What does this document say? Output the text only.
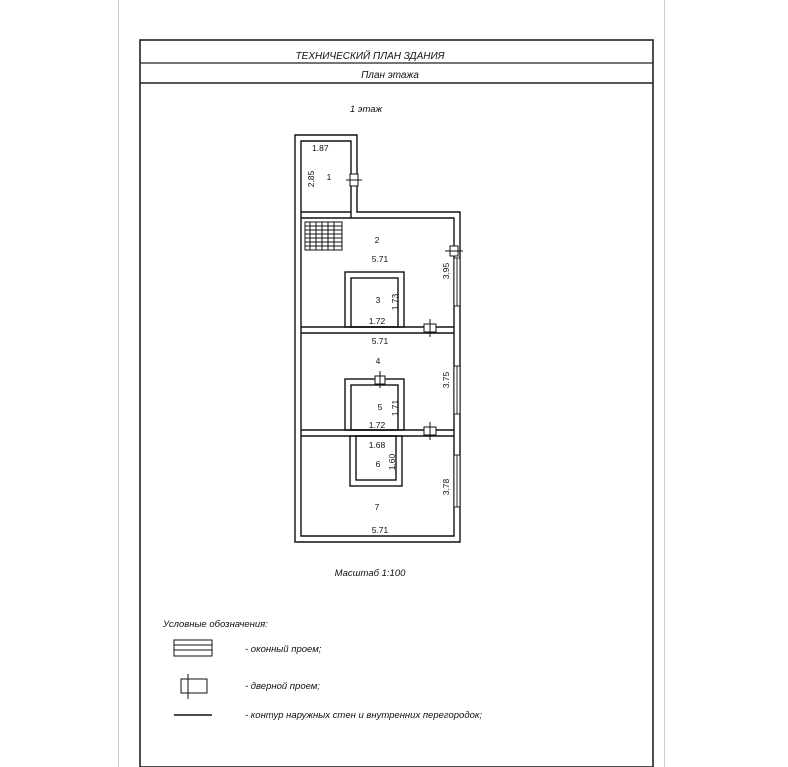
ТЕХНИЧЕСКИЙ ПЛАН ЗДАНИЯ
План этажа
1 этаж
1.87
2.85 1
2
5.71
3.95
3 1.73
1.72
5.71
4
3.75
5 1.71
1.72
1.68
6 1.60
3.78
7
5.71
Масштаб 1:100
Условные обозначения:
- оконный проем;
- дверной проем;
- контур наружных стен и внутренних перегородок;
